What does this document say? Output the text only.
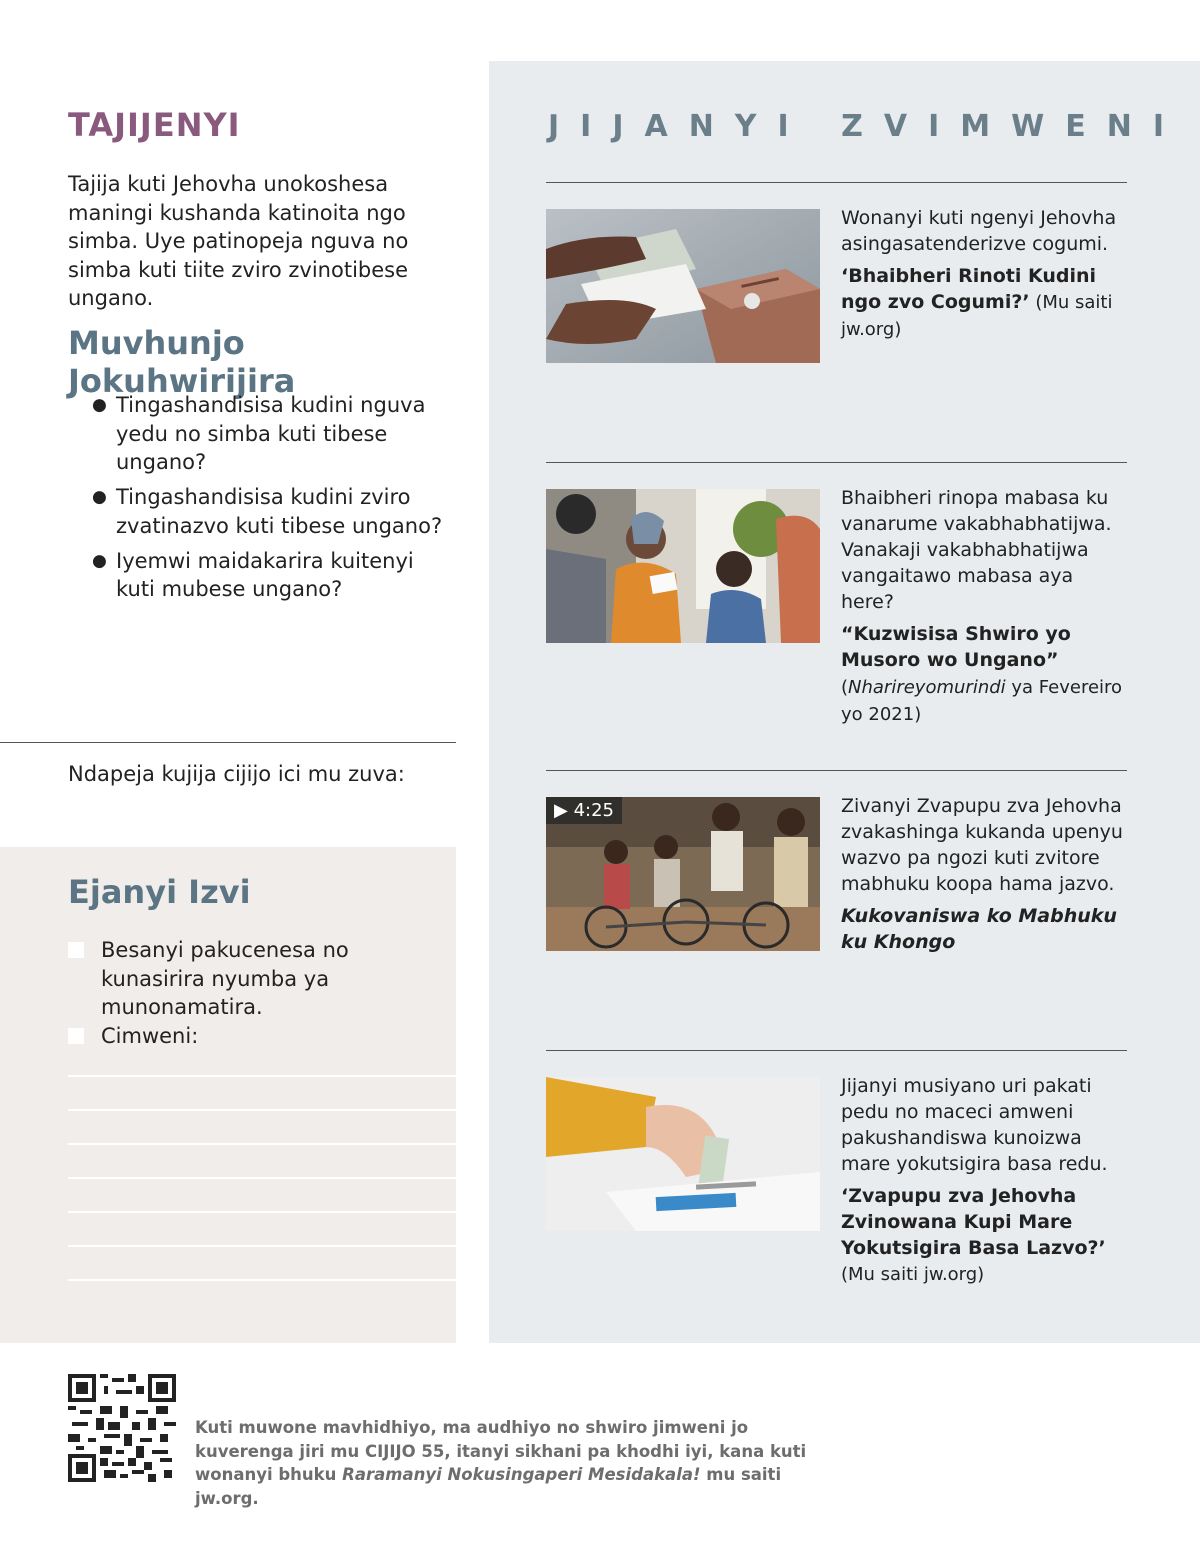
TAJIJENYI

Tajija kuti Jehovha unokoshesa maningi kushanda katinoita ngo simba. Uye patinopeja nguva no simba kuti tiite zviro zvinotibese ungano.

Muvhunjo Jokuhwirijira
● Tingashandisisa kudini nguva yedu no simba kuti tibese ungano?
● Tingashandisisa kudini zviro zvatinazvo kuti tibese ungano?
● Iyemwi maidakarira kuitenyi kuti mubese ungano?

Ndapeja kujija cijijo ici mu zuva:

Ejanyi Izvi
Besanyi pakucenesa no kunasirira nyumba ya munonamatira.
Cimweni:
JIJANYI ZVIMWENI

Wonanyi kuti ngenyi Jehovha asingasatenderizve cogumi.

‘Bhaibheri Rinoti Kudini ngo zvo Cogumi?’ (Mu saiti jw.org)

Bhaibheri rinopa mabasa ku vanarume vakabhabhatijwa. Vanakaji vakabhabhatijwa vangaitawo mabasa aya here?

“Kuzwisisa Shwiro yo Musoro wo Ungano” (Nharireyomurindi ya Fevereiro yo 2021)

▶ 4:25	Zivanyi Zvapupu zva Jehovha zvakashinga kukanda upenyu wazvo pa ngozi kuti zvitore mabhuku koopa hama jazvo.

Kukovaniswa ko Mabhuku ku Khongo

Jijanyi musiyano uri pakati pedu no maceci amweni pakushandiswa kunoizwa mare yokutsigira basa redu.

‘Zvapupu zva Jehovha Zvinowana Kupi Mare Yokutsigira Basa Lazvo?’
(Mu saiti jw.org)

Kuti muwone mavhidhiyo, ma audhiyo no shwiro jimweni jo kuverenga jiri mu CIJIJO 55, itanyi sikhani pa khodhi iyi, kana kuti wonanyi bhuku Raramanyi Nokusingaperi Mesidakala! mu saiti jw.org.
